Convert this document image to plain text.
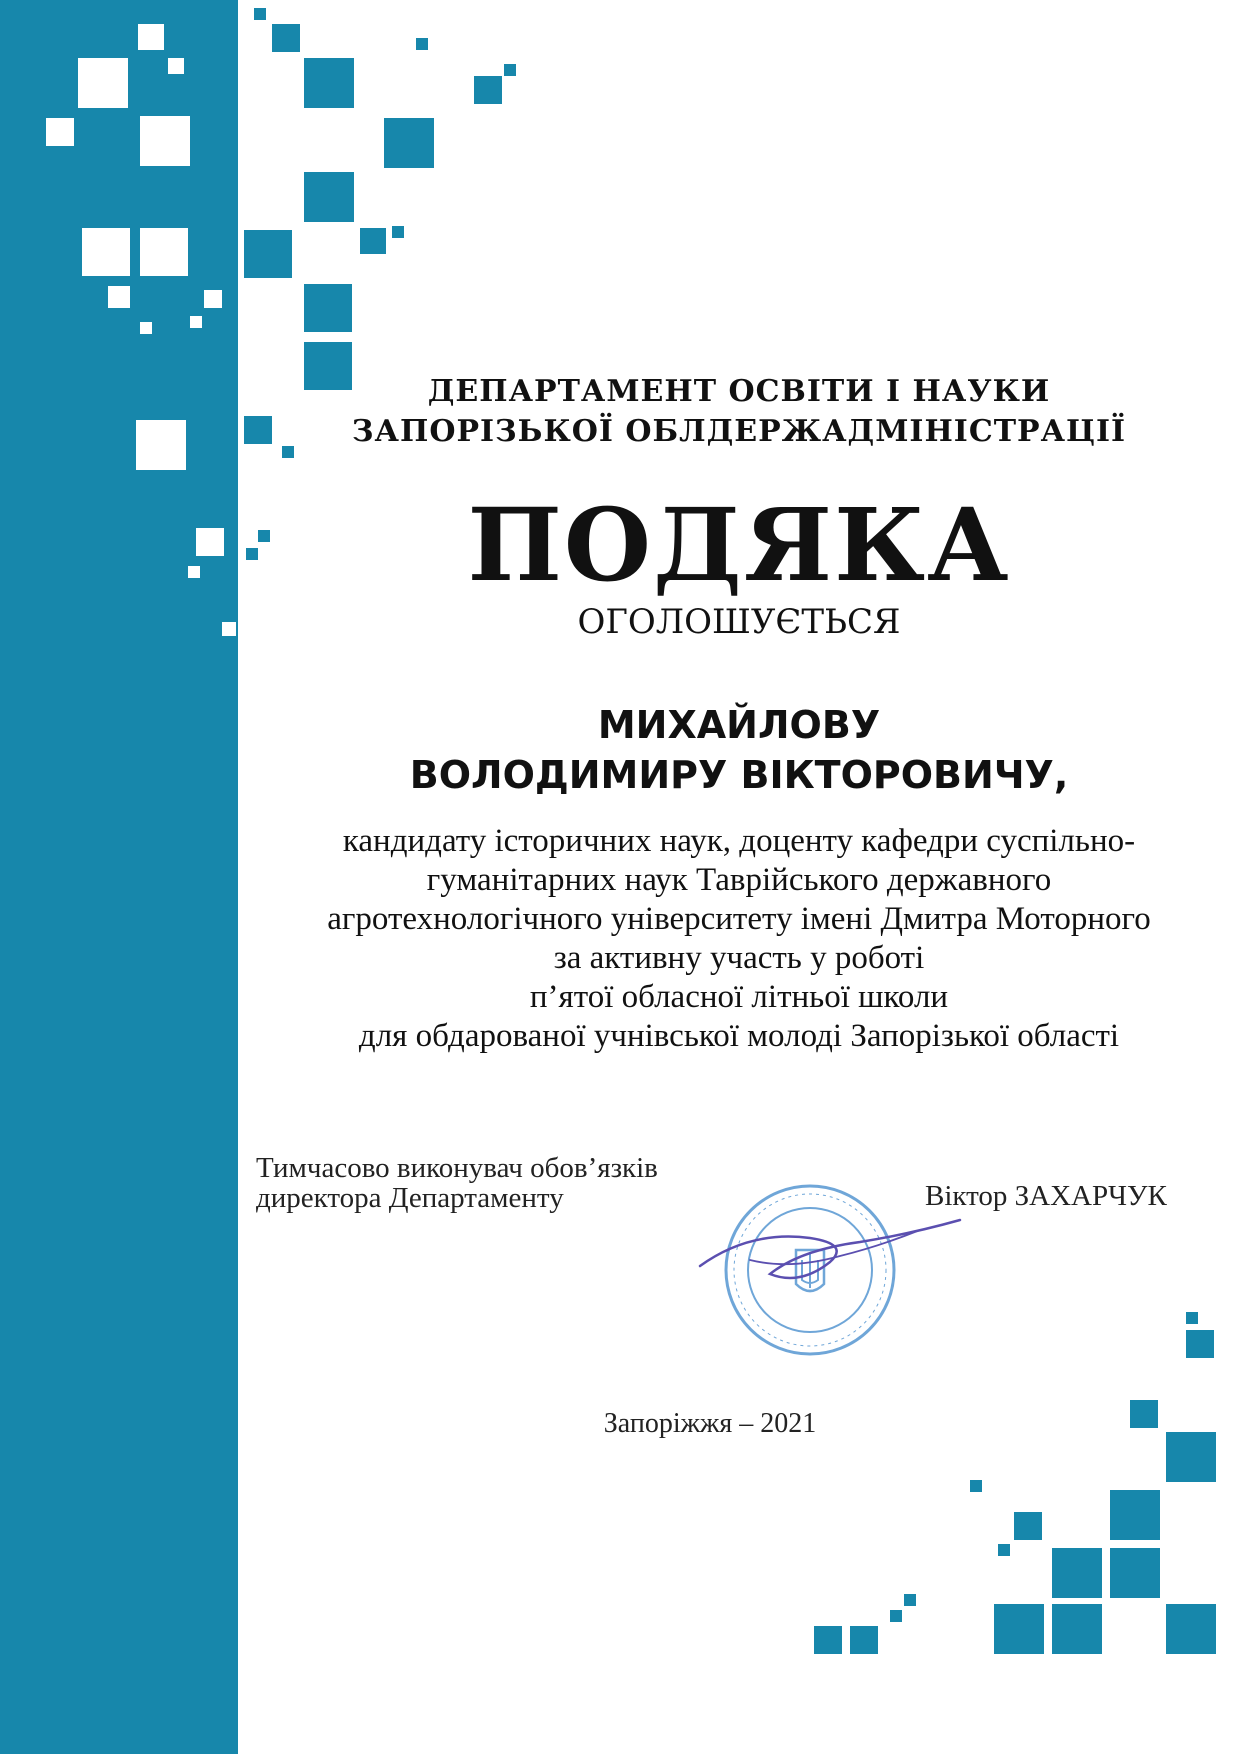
ДЕПАРТАМЕНТ ОСВІТИ І НАУКИ
ЗАПОРІЗЬКОЇ ОБЛДЕРЖАДМІНІСТРАЦІЇ
ПОДЯКА
ОГОЛОШУЄТЬСЯ
МИХАЙЛОВУ
ВОЛОДИМИРУ ВІКТОРОВИЧУ,
кандидату історичних наук, доценту кафедри суспільно-
гуманітарних наук Таврійського державного
агротехнологічного університету імені Дмитра Моторного
за активну участь у роботі
п’ятої обласної літньої школи
для обдарованої учнівської молоді Запорізької області
Тимчасово виконувач обов’язків
директора Департаменту	Віктор ЗАХАРЧУК
Запоріжжя – 2021
